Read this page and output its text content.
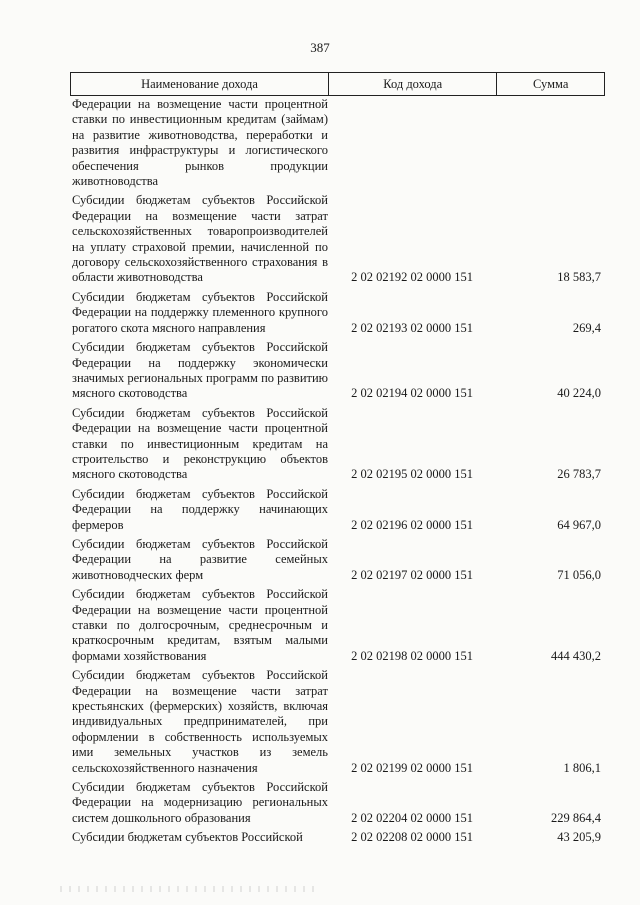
387
Наименование дохода	Код дохода	Сумма
Федерации на возмещение части процентной ставки по инвестиционным кредитам (займам) на развитие животноводства, переработки и развития инфраструктуры и логистического обеспечения рынков продукции животноводства
Субсидии бюджетам субъектов Российской Федерации на возмещение части затрат сельскохозяйственных товаропроизводителей на уплату страховой премии, начисленной по договору сельскохозяйственного страхования в области животноводства	2 02 02192 02 0000 151	18 583,7
Субсидии бюджетам субъектов Российской Федерации на поддержку племенного крупного рогатого скота мясного направления	2 02 02193 02 0000 151	269,4
Субсидии бюджетам субъектов Российской Федерации на поддержку экономически значимых региональных программ по развитию мясного скотоводства	2 02 02194 02 0000 151	40 224,0
Субсидии бюджетам субъектов Российской Федерации на возмещение части процентной ставки по инвестиционным кредитам на строительство и реконструкцию объектов мясного скотоводства	2 02 02195 02 0000 151	26 783,7
Субсидии бюджетам субъектов Российской Федерации на поддержку начинающих фермеров	2 02 02196 02 0000 151	64 967,0
Субсидии бюджетам субъектов Российской Федерации на развитие семейных животноводческих ферм	2 02 02197 02 0000 151	71 056,0
Субсидии бюджетам субъектов Российской Федерации на возмещение части процентной ставки по долгосрочным, среднесрочным и краткосрочным кредитам, взятым малыми формами хозяйствования	2 02 02198 02 0000 151	444 430,2
Субсидии бюджетам субъектов Российской Федерации на возмещение части затрат крестьянских (фермерских) хозяйств, включая индивидуальных предпринимателей, при оформлении в собственность используемых ими земельных участков из земель сельскохозяйственного назначения	2 02 02199 02 0000 151	1 806,1
Субсидии бюджетам субъектов Российской Федерации на модернизацию региональных систем дошкольного образования	2 02 02204 02 0000 151	229 864,4
Субсидии бюджетам субъектов Российской	2 02 02208 02 0000 151	43 205,9
